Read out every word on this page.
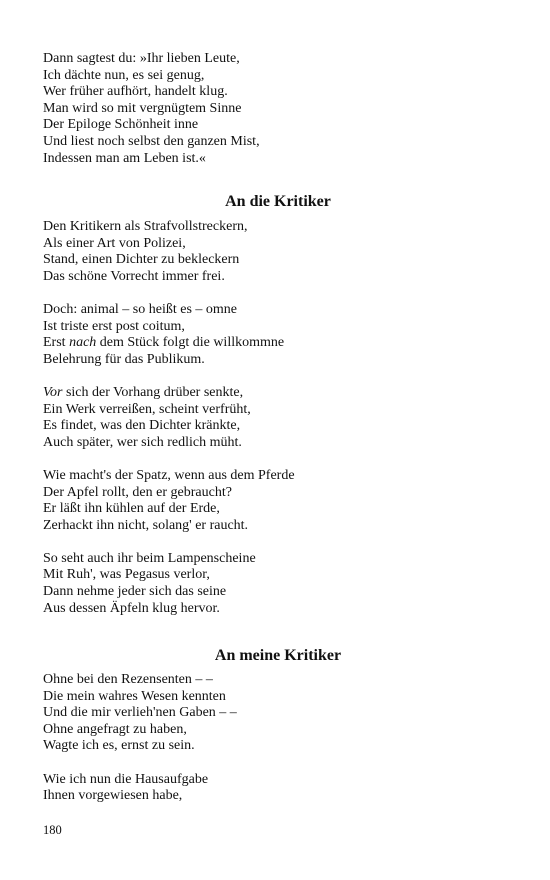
Dann sagtest du: »Ihr lieben Leute,
Ich dächte nun, es sei genug,
Wer früher aufhört, handelt klug.
Man wird so mit vergnügtem Sinne
Der Epiloge Schönheit inne
Und liest noch selbst den ganzen Mist,
Indessen man am Leben ist.«
An die Kritiker
Den Kritikern als Strafvollstreckern,
Als einer Art von Polizei,
Stand, einen Dichter zu bekleckern
Das schöne Vorrecht immer frei.
Doch: animal – so heißt es – omne
Ist triste erst post coitum,
Erst nach dem Stück folgt die willkommne
Belehrung für das Publikum.
Vor sich der Vorhang drüber senkte,
Ein Werk verreißen, scheint verfrüht,
Es findet, was den Dichter kränkte,
Auch später, wer sich redlich müht.
Wie macht's der Spatz, wenn aus dem Pferde
Der Apfel rollt, den er gebraucht?
Er läßt ihn kühlen auf der Erde,
Zerhackt ihn nicht, solang' er raucht.
So seht auch ihr beim Lampenscheine
Mit Ruh', was Pegasus verlor,
Dann nehme jeder sich das seine
Aus dessen Äpfeln klug hervor.
An meine Kritiker
Ohne bei den Rezensenten – –
Die mein wahres Wesen kennten
Und die mir verlieh'nen Gaben – –
Ohne angefragt zu haben,
Wagte ich es, ernst zu sein.
Wie ich nun die Hausaufgabe
Ihnen vorgewiesen habe,
180
